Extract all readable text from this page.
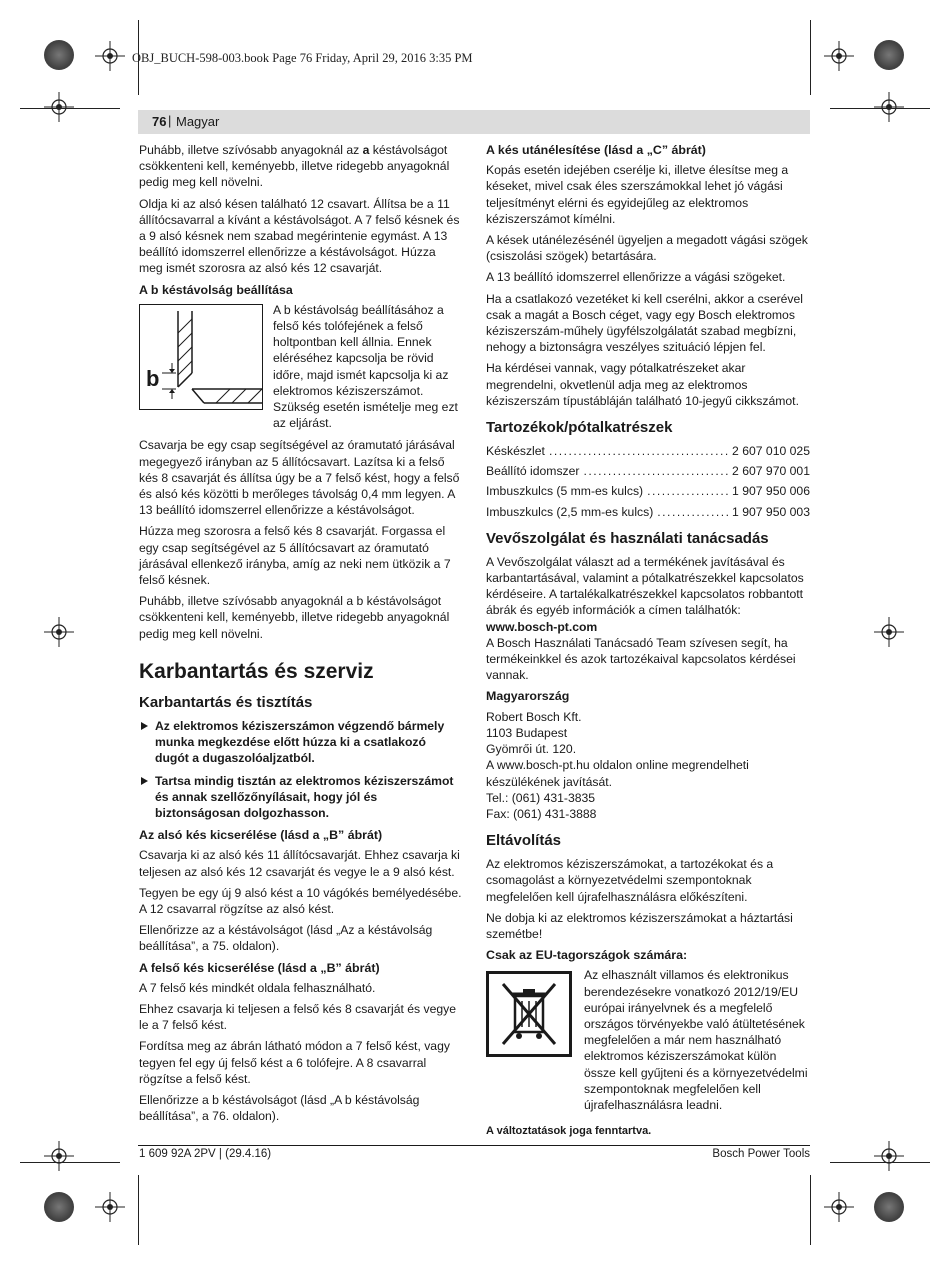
OBJ_BUCH-598-003.book Page 76 Friday, April 29, 2016 3:35 PM
76 | Magyar

Puhább, illetve szívósabb anyagoknál az a késtávolságot csökkenteni kell, keményebb, illetve ridegebb anyagoknál pedig meg kell növelni.

Oldja ki az alsó késen található 12 csavart. Állítsa be a 11 állítócsavarral a kívánt a késtávolságot. A 7 felső késnek és a 9 alsó késnek nem szabad megérintenie egymást. A 13 beállító idomszerrel ellenőrizze a késtávolságot. Húzza meg ismét szorosra az alsó kés 12 csavarját.

A b késtávolság beállítása
b
A b késtávolság beállításához a felső kés tolófejének a felső holtpontban kell állnia. Ennek eléréséhez kapcsolja be rövid időre, majd ismét kapcsolja ki az elektromos kéziszerszámot. Szükség esetén ismételje meg ezt az eljárást.

Csavarja be egy csap segítségével az óramutató járásával megegyező irányban az 5 állítócsavart. Lazítsa ki a felső kés 8 csavarját és állítsa úgy be a 7 felső kést, hogy a felső és alsó kés közötti b merőleges távolság 0,4 mm legyen. A 13 beállító idomszerrel ellenőrizze a késtávolságot.

Húzza meg szorosra a felső kés 8 csavarját. Forgassa el egy csap segítségével az 5 állítócsavart az óramutató járásával ellenkező irányba, amíg az neki nem ütközik a 7 felső késnek.

Puhább, illetve szívósabb anyagoknál a b késtávolságot csökkenteni kell, keményebb, illetve ridegebb anyagoknál pedig meg kell növelni.

Karbantartás és szerviz
Karbantartás és tisztítás
Az elektromos kéziszerszámon végzendő bármely munka megkezdése előtt húzza ki a csatlakozó dugót a dugaszolóaljzatból.
Tartsa mindig tisztán az elektromos kéziszerszámot és annak szellőzőnyílásait, hogy jól és biztonságosan dolgozhasson.
Az alsó kés kicserélése (lásd a „B” ábrát)

Csavarja ki az alsó kés 11 állítócsavarját. Ehhez csavarja ki teljesen az alsó kés 12 csavarját és vegye le a 9 alsó kést.

Tegyen be egy új 9 alsó kést a 10 vágókés bemélyedésébe. A 12 csavarral rögzítse az alsó kést.

Ellenőrizze az a késtávolságot (lásd „Az a késtávolság beállítása”, a 75. oldalon).

A felső kés kicserélése (lásd a „B” ábrát)

A 7 felső kés mindkét oldala felhasználható.

Ehhez csavarja ki teljesen a felső kés 8 csavarját és vegye le a 7 felső kést.

Fordítsa meg az ábrán látható módon a 7 felső kést, vagy tegyen fel egy új felső kést a 6 tolófejre. A 8 csavarral rögzítse a felső kést.

Ellenőrizze a b késtávolságot (lásd „A b késtávolság beállítása”, a 76. oldalon).

A kés utánélesítése (lásd a „C” ábrát)

Kopás esetén idejében cserélje ki, illetve élesítse meg a késeket, mivel csak éles szerszámokkal lehet jó vágási teljesítményt elérni és egyidejűleg az elektromos kéziszerszámot kímélni.

A kések utánélezésénél ügyeljen a megadott vágási szögek (csiszolási szögek) betartására.

A 13 beállító idomszerrel ellenőrizze a vágási szögeket.

Ha a csatlakozó vezetéket ki kell cserélni, akkor a cserével csak a magát a Bosch céget, vagy egy Bosch elektromos kéziszerszám-műhely ügyfélszolgálatát szabad megbízni, nehogy a biztonságra veszélyes szituáció lépjen fel.

Ha kérdései vannak, vagy pótalkatrészeket akar megrendelni, okvetlenül adja meg az elektromos kéziszerszám típustábláján található 10-jegyű cikkszámot.

Tartozékok/pótalkatrészek
Késkészlet .....	2 607 010 025
Beállító idomszer .....	2 607 970 001
Imbuszkulcs (5 mm-es kulcs) .....	1 907 950 006
Imbuszkulcs (2,5 mm-es kulcs) .....	1 907 950 003
Vevőszolgálat és használati tanácsadás

A Vevőszolgálat választ ad a termékének javításával és karbantartásával, valamint a pótalkatrészekkel kapcsolatos kérdéseire. A tartalékalkatrészekkel kapcsolatos robbantott ábrák és egyéb információk a címen találhatók:

www.bosch-pt.com

A Bosch Használati Tanácsadó Team szívesen segít, ha termékeinkkel és azok tartozékaival kapcsolatos kérdései vannak.

Magyarország
Robert Bosch Kft.
1103 Budapest
Gyömrői út. 120.
A www.bosch-pt.hu oldalon online megrendelheti készülékének javítását.
Tel.: (061) 431-3835
Fax: (061) 431-3888
Eltávolítás

Az elektromos kéziszerszámokat, a tartozékokat és a csomagolást a környezetvédelmi szempontoknak megfelelően kell újrafelhasználásra előkészíteni.

Ne dobja ki az elektromos kéziszerszámokat a háztartási szemétbe!

Csak az EU-tagországok számára:
Az elhasznált villamos és elektronikus berendezésekre vonatkozó 2012/19/EU európai irányelvnek és a megfelelő országos törvényekbe való átültetésének megfelelően a már nem használható elektromos kéziszerszámokat külön össze kell gyűjteni és a környezetvédelmi szempontoknak megfelelően kell újrafelhasználásra leadni.

A változtatások joga fenntartva.

1 609 92A 2PV | (29.4.16)	Bosch Power Tools
